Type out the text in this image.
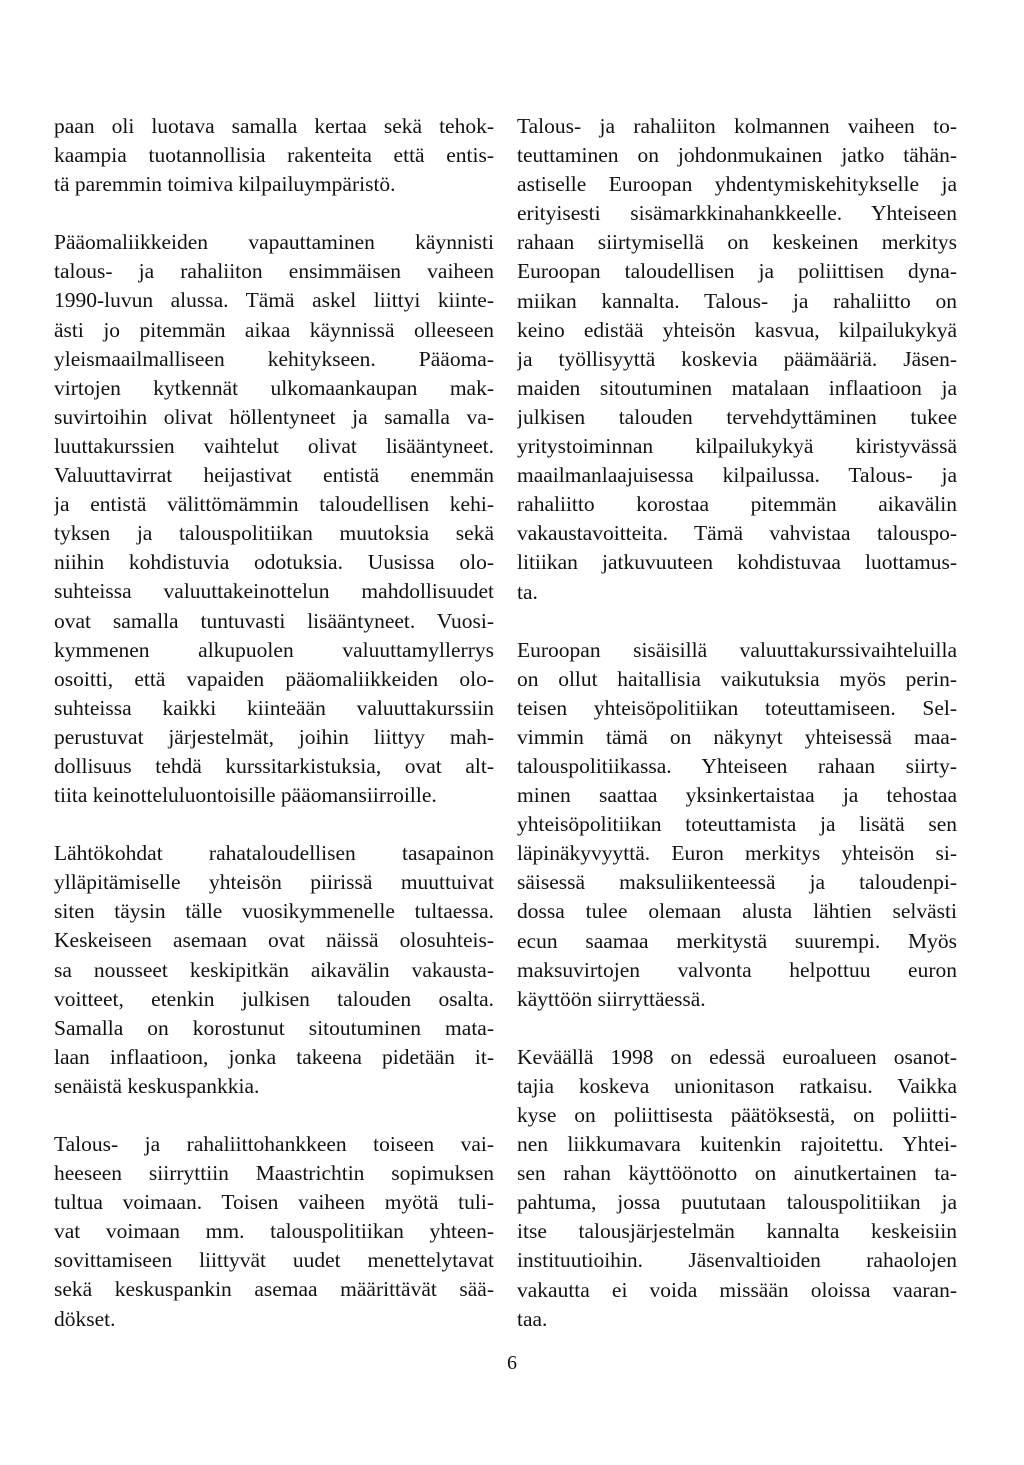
paan oli luotava samalla kertaa sekä tehok-
kaampia tuotannollisia rakenteita että entis-
tä paremmin toimiva kilpailuympäristö.
Pääomaliikkeiden vapauttaminen käynnisti
talous- ja rahaliiton ensimmäisen vaiheen
1990-luvun alussa. Tämä askel liittyi kiinte-
ästi jo pitemmän aikaa käynnissä olleeseen
yleismaailmalliseen kehitykseen. Pääoma-
virtojen kytkennät ulkomaankaupan mak-
suvirtoihin olivat höllentyneet ja samalla va-
luuttakurssien vaihtelut olivat lisääntyneet.
Valuuttavirrat heijastivat entistä enemmän
ja entistä välittömämmin taloudellisen kehi-
tyksen ja talouspolitiikan muutoksia sekä
niihin kohdistuvia odotuksia. Uusissa olo-
suhteissa valuuttakeinottelun mahdollisuudet
ovat samalla tuntuvasti lisääntyneet. Vuosi-
kymmenen alkupuolen valuuttamyllerrys
osoitti, että vapaiden pääomaliikkeiden olo-
suhteissa kaikki kiinteään valuuttakurssiin
perustuvat järjestelmät, joihin liittyy mah-
dollisuus tehdä kurssitarkistuksia, ovat alt-
tiita keinotteluluontoisille pääomansiirroille.
Lähtökohdat rahataloudellisen tasapainon
ylläpitämiselle yhteisön piirissä muuttuivat
siten täysin tälle vuosikymmenelle tultaessa.
Keskeiseen asemaan ovat näissä olosuhteis-
sa nousseet keskipitkän aikavälin vakausta-
voitteet, etenkin julkisen talouden osalta.
Samalla on korostunut sitoutuminen mata-
laan inflaatioon, jonka takeena pidetään it-
senäistä keskuspankkia.
Talous- ja rahaliittohankkeen toiseen vai-
heeseen siirryttiin Maastrichtin sopimuksen
tultua voimaan. Toisen vaiheen myötä tuli-
vat voimaan mm. talouspolitiikan yhteen-
sovittamiseen liittyvät uudet menettelytavat
sekä keskuspankin asemaa määrittävät sää-
dökset.
Talous- ja rahaliiton kolmannen vaiheen to-
teuttaminen on johdonmukainen jatko tähän-
astiselle Euroopan yhdentymiskehitykselle ja
erityisesti sisämarkkinahankkeelle. Yhteiseen
rahaan siirtymisellä on keskeinen merkitys
Euroopan taloudellisen ja poliittisen dyna-
miikan kannalta. Talous- ja rahaliitto on
keino edistää yhteisön kasvua, kilpailukykyä
ja työllisyyttä koskevia päämääriä. Jäsen-
maiden sitoutuminen matalaan inflaatioon ja
julkisen talouden tervehdyttäminen tukee
yritystoiminnan kilpailukykyä kiristyvässä
maailmanlaajuisessa kilpailussa. Talous- ja
rahaliitto korostaa pitemmän aikavälin
vakaustavoitteita. Tämä vahvistaa talouspo-
litiikan jatkuvuuteen kohdistuvaa luottamus-
ta.
Euroopan sisäisillä valuuttakurssivaihteluilla
on ollut haitallisia vaikutuksia myös perin-
teisen yhteisöpolitiikan toteuttamiseen. Sel-
vimmin tämä on näkynyt yhteisessä maa-
talouspolitiikassa. Yhteiseen rahaan siirty-
minen saattaa yksinkertaistaa ja tehostaa
yhteisöpolitiikan toteuttamista ja lisätä sen
läpinäkyvyyttä. Euron merkitys yhteisön si-
säisessä maksuliikenteessä ja taloudenpi-
dossa tulee olemaan alusta lähtien selvästi
ecun saamaa merkitystä suurempi. Myös
maksuvirtojen valvonta helpottuu euron
käyttöön siirryttäessä.
Keväällä 1998 on edessä euroalueen osanot-
tajia koskeva unionitason ratkaisu. Vaikka
kyse on poliittisesta päätöksestä, on poliitti-
nen liikkumavara kuitenkin rajoitettu. Yhtei-
sen rahan käyttöönotto on ainutkertainen ta-
pahtuma, jossa puututaan talouspolitiikan ja
itse talousjärjestelmän kannalta keskeisiin
instituutioihin. Jäsenvaltioiden rahaolojen
vakautta ei voida missään oloissa vaaran-
taa.
6
